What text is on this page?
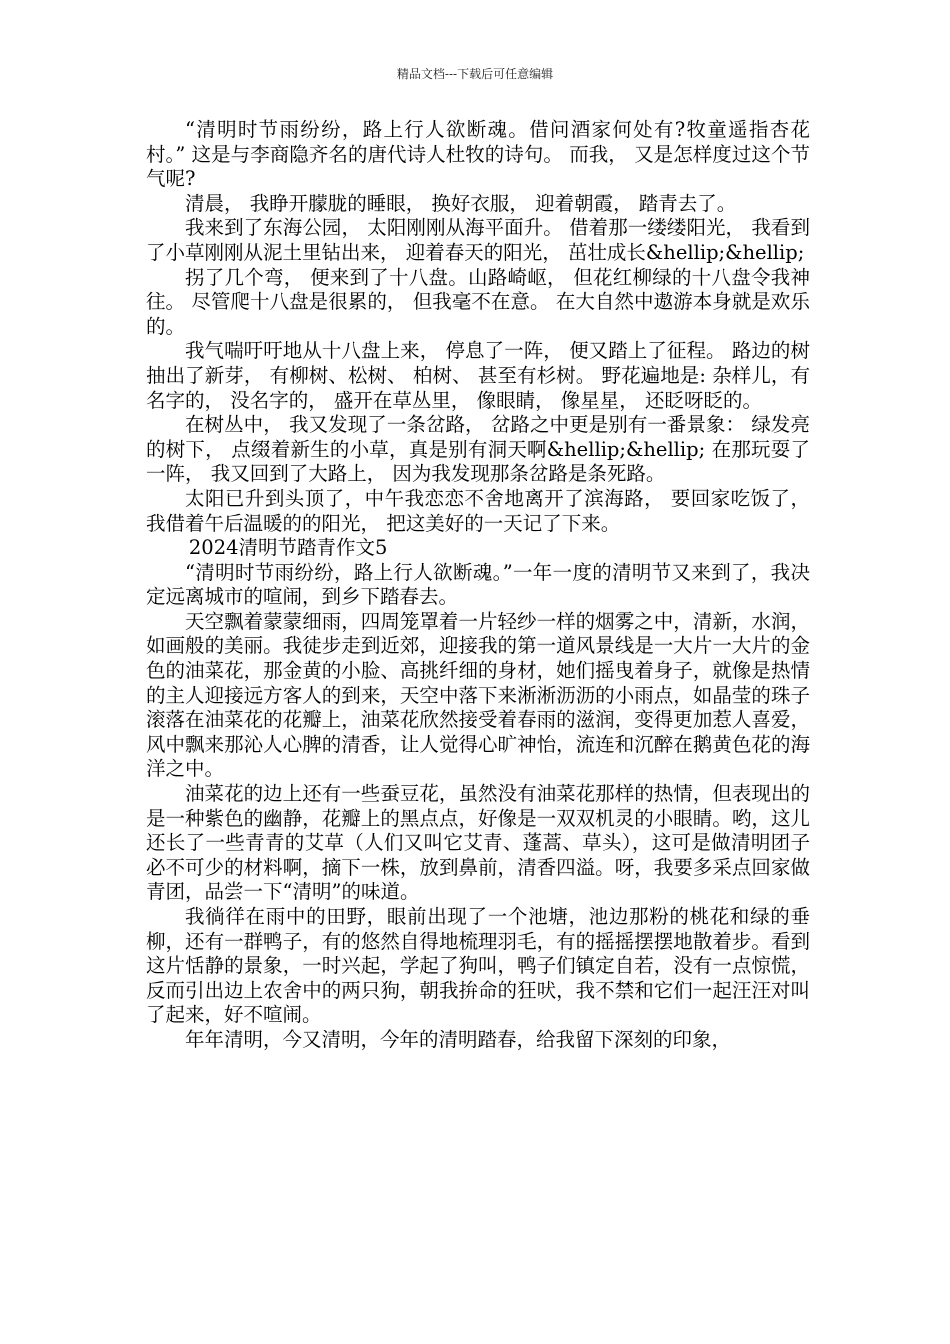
精品文档---下载后可任意编辑

“清明时节雨纷纷，路上行人欲断魂。借问酒家何处有?牧童遥指杏花村。” 这是与李商隐齐名的唐代诗人杜牧的诗句。 而我， 又是怎样度过这个节气呢?

清晨， 我睁开朦胧的睡眼， 换好衣服， 迎着朝霞， 踏青去了。

我来到了东海公园， 太阳刚刚从海平面升。 借着那一缕缕阳光， 我看到了小草刚刚从泥土里钻出来， 迎着春天的阳光， 茁壮成长&hellip;&hellip;

拐了几个弯， 便来到了十八盘。山路崎岖， 但花红柳绿的十八盘令我神往。 尽管爬十八盘是很累的， 但我毫不在意。 在大自然中遨游本身就是欢乐的。

我气喘吁吁地从十八盘上来， 停息了一阵， 便又踏上了征程。 路边的树抽出了新芽， 有柳树、松树、 柏树、 甚至有杉树。 野花遍地是: 杂样儿，有名字的， 没名字的， 盛开在草丛里， 像眼睛， 像星星， 还眨呀眨的。

在树丛中， 我又发现了一条岔路， 岔路之中更是别有一番景象： 绿发亮的树下， 点缀着新生的小草，真是别有洞天啊&hellip;&hellip; 在那玩耍了一阵， 我又回到了大路上， 因为我发现那条岔路是条死路。

太阳已升到头顶了，中午我恋恋不舍地离开了滨海路， 要回家吃饭了， 我借着午后温暖的的阳光， 把这美好的一天记了下来。

2024清明节踏青作文5

“清明时节雨纷纷，路上行人欲断魂。”一年一度的清明节又来到了，我决定远离城市的喧闹，到乡下踏春去。

天空飘着蒙蒙细雨，四周笼罩着一片轻纱一样的烟雾之中，清新，水润，如画般的美丽。我徒步走到近郊，迎接我的第一道风景线是一大片一大片的金色的油菜花，那金黄的小脸、高挑纤细的身材，她们摇曳着身子，就像是热情的主人迎接远方客人的到来，天空中落下来淅淅沥沥的小雨点，如晶莹的珠子滚落在油菜花的花瓣上，油菜花欣然接受着春雨的滋润，变得更加惹人喜爱，风中飘来那沁人心脾的清香，让人觉得心旷神怡，流连和沉醉在鹅黄色花的海洋之中。

油菜花的边上还有一些蚕豆花，虽然没有油菜花那样的热情，但表现出的是一种紫色的幽静，花瓣上的黑点点，好像是一双双机灵的小眼睛。哟，这儿还长了一些青青的艾草（人们又叫它艾青、蓬蒿、草头），这可是做清明团子必不可少的材料啊，摘下一株，放到鼻前，清香四溢。呀，我要多采点回家做青团，品尝一下“清明”的味道。

我徜徉在雨中的田野，眼前出现了一个池塘，池边那粉的桃花和绿的垂柳，还有一群鸭子，有的悠然自得地梳理羽毛，有的摇摇摆摆地散着步。看到这片恬静的景象，一时兴起，学起了狗叫，鸭子们镇定自若，没有一点惊慌，反而引出边上农舍中的两只狗，朝我拚命的狂吠，我不禁和它们一起汪汪对叫了起来，好不喧闹。

年年清明，今又清明，今年的清明踏春，给我留下深刻的印象，
